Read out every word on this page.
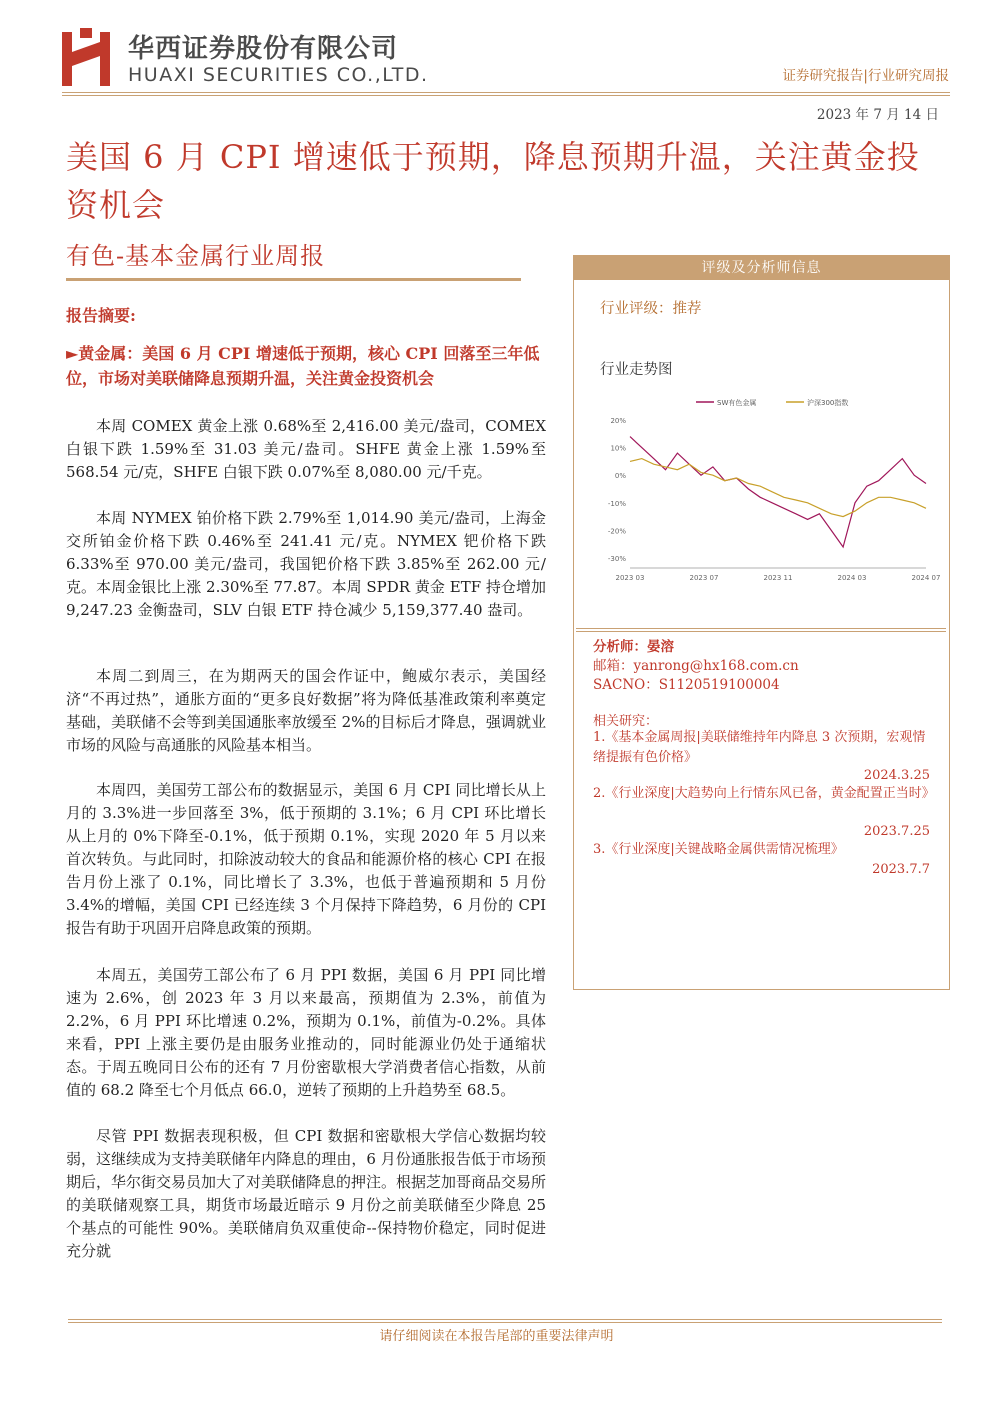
华西证券股份有限公司
HUAXI SECURITIES CO.,LTD.	证券研究报告|行业研究周报
2023 年 7 月 14 日
美国 6 月 CPI 增速低于预期，降息预期升温，关注黄金投资机会
有色-基本金属行业周报
报告摘要:
►黄金属：美国 6 月 CPI 增速低于预期，核心 CPI 回落至三年低位，市场对美联储降息预期升温，关注黄金投资机会

本周 COMEX 黄金上涨 0.68%至 2,416.00 美元/盎司，COMEX 白银下跌 1.59%至 31.03 美元/盎司。SHFE 黄金上涨 1.59%至 568.54 元/克，SHFE 白银下跌 0.07%至 8,080.00 元/千克。

本周 NYMEX 铂价格下跌 2.79%至 1,014.90 美元/盎司，上海金交所铂金价格下跌 0.46%至 241.41 元/克。NYMEX 钯价格下跌 6.33%至 970.00 美元/盎司，我国钯价格下跌 3.85%至 262.00 元/克。本周金银比上涨 2.30%至 77.87。本周 SPDR 黄金 ETF 持仓增加 9,247.23 金衡盎司，SLV 白银 ETF 持仓减少 5,159,377.40 盎司。

本周二到周三，在为期两天的国会作证中，鲍威尔表示，美国经济“不再过热”，通胀方面的“更多良好数据”将为降低基准政策利率奠定基础，美联储不会等到美国通胀率放缓至 2%的目标后才降息，强调就业市场的风险与高通胀的风险基本相当。

本周四，美国劳工部公布的数据显示，美国 6 月 CPI 同比增长从上月的 3.3%进一步回落至 3%，低于预期的 3.1%；6 月 CPI 环比增长从上月的 0%下降至-0.1%，低于预期 0.1%，实现 2020 年 5 月以来首次转负。与此同时，扣除波动较大的食品和能源价格的核心 CPI 在报告月份上涨了 0.1%，同比增长了 3.3%，也低于普遍预期和 5 月份 3.4%的增幅，美国 CPI 已经连续 3 个月保持下降趋势，6 月份的 CPI 报告有助于巩固开启降息政策的预期。

本周五，美国劳工部公布了 6 月 PPI 数据，美国 6 月 PPI 同比增速为 2.6%，创 2023 年 3 月以来最高，预期值为 2.3%，前值为 2.2%，6 月 PPI 环比增速 0.2%，预期为 0.1%，前值为-0.2%。具体来看，PPI 上涨主要仍是由服务业推动的，同时能源业仍处于通缩状态。于周五晚同日公布的还有 7 月份密歇根大学消费者信心指数，从前值的 68.2 降至七个月低点 66.0，逆转了预期的上升趋势至 68.5。

尽管 PPI 数据表现积极，但 CPI 数据和密歇根大学信心数据均较弱，这继续成为支持美联储年内降息的理由，6 月份通胀报告低于市场预期后，华尔街交易员加大了对美联储降息的押注。根据芝加哥商品交易所的美联储观察工具，期货市场最近暗示 9 月份之前美联储至少降息 25 个基点的可能性 90%。美联储肩负双重使命--保持物价稳定，同时促进充分就

评级及分析师信息
行业评级：推荐
行业走势图
SW有色金属	沪深300指数
20%
10%
0%
-10%
-20%
-30%
2023 03	2023 07	2023 11	2024 03	2024 07
分析师：晏溶
邮箱：yanrong@hx168.com.cn
SACNO：S1120519100004
相关研究：
1.《基本金属周报|美联储维持年内降息 3 次预期，宏观情绪提振有色价格》
2024.3.25
2.《行业深度|大趋势向上行情东风已备，黄金配置正当时》
2023.7.25
3.《行业深度|关键战略金属供需情况梳理》
2023.7.7
请仔细阅读在本报告尾部的重要法律声明
